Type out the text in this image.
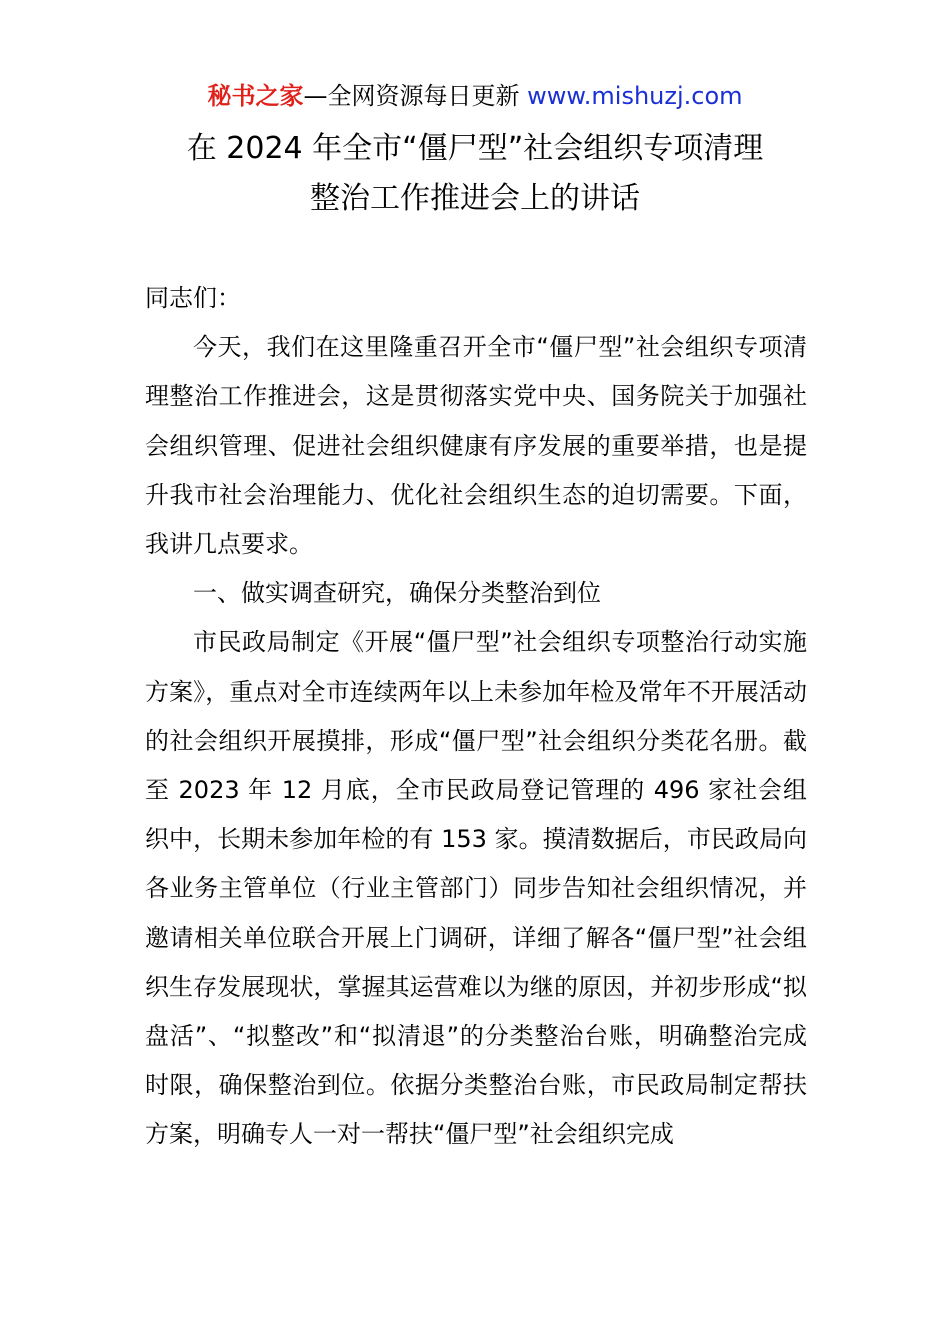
秘书之家—全网资源每日更新 www.mishuzj.com
在 2024 年全市“僵尸型”社会组织专项清理
整治工作推进会上的讲话

同志们：

今天，我们在这里隆重召开全市“僵尸型”社会组织专项清理整治工作推进会，这是贯彻落实党中央、国务院关于加强社会组织管理、促进社会组织健康有序发展的重要举措，也是提升我市社会治理能力、优化社会组织生态的迫切需要。下面，我讲几点要求。

一、做实调查研究，确保分类整治到位

市民政局制定《开展“僵尸型”社会组织专项整治行动实施方案》，重点对全市连续两年以上未参加年检及常年不开展活动的社会组织开展摸排，形成“僵尸型”社会组织分类花名册。截至 2023 年 12 月底，全市民政局登记管理的 496 家社会组织中，长期未参加年检的有 153 家。摸清数据后，市民政局向各业务主管单位（行业主管部门）同步告知社会组织情况，并邀请相关单位联合开展上门调研，详细了解各“僵尸型”社会组织生存发展现状，掌握其运营难以为继的原因，并初步形成“拟盘活”、“拟整改”和“拟清退”的分类整治台账，明确整治完成时限，确保整治到位。依据分类整治台账，市民政局制定帮扶方案，明确专人一对一帮扶“僵尸型”社会组织完成
